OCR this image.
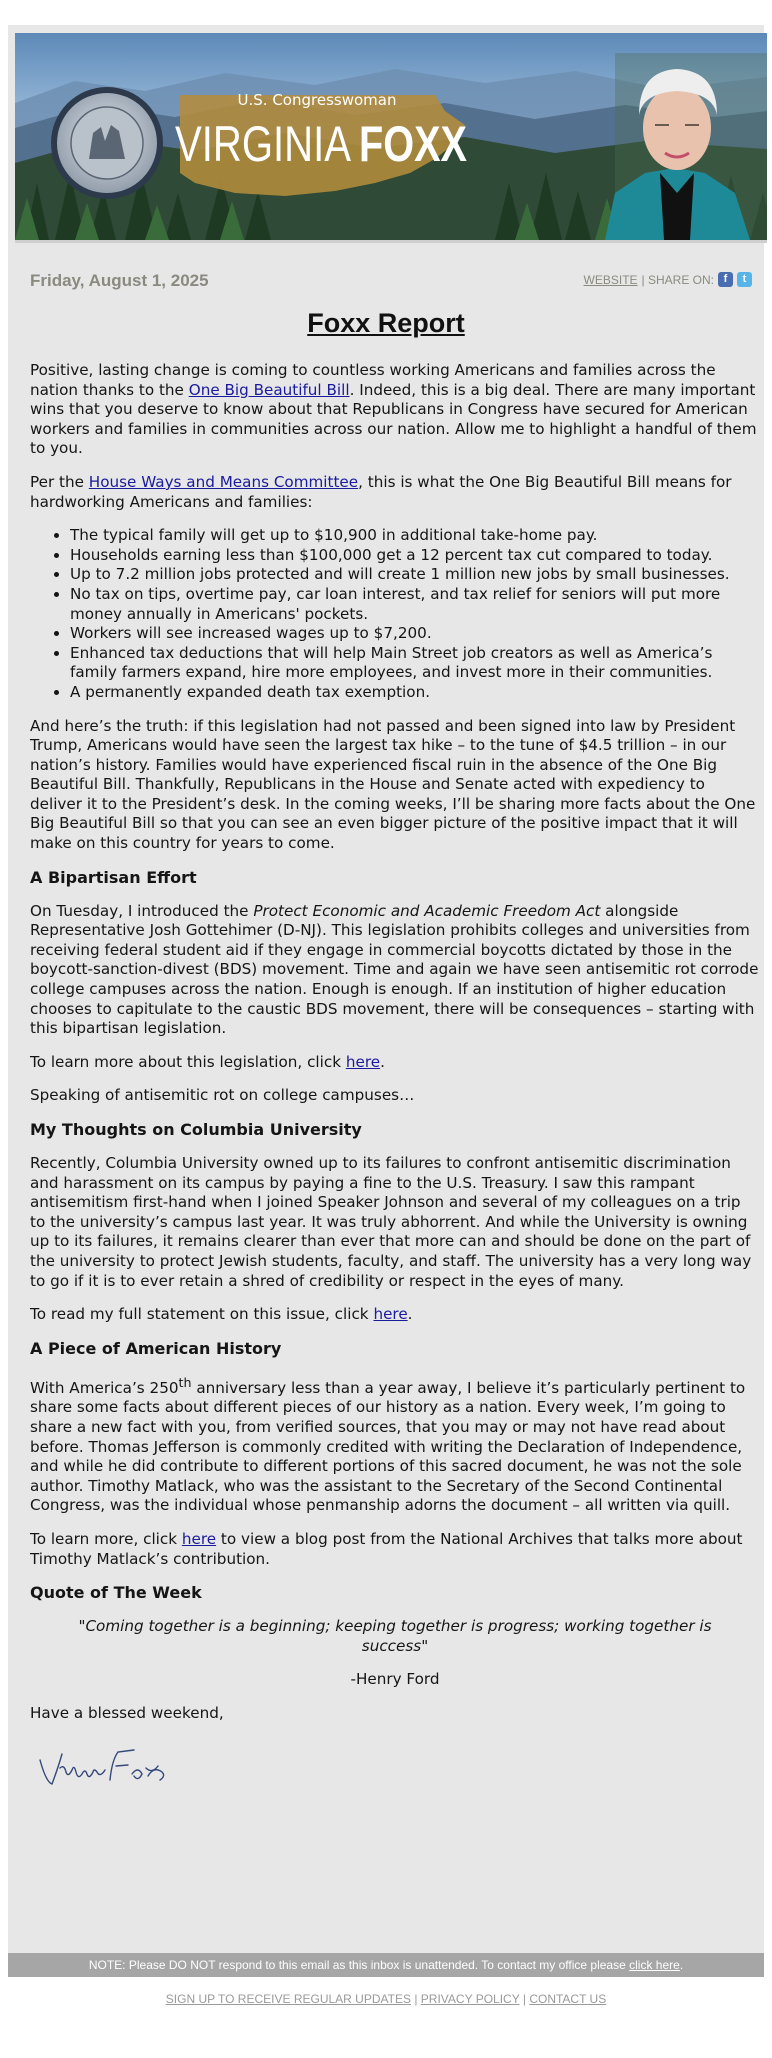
U.S. Congresswoman
VIRGINIA FOXX
Friday, August 1, 2025	WEBSITE | SHARE ON: f	t
Foxx Report

Positive, lasting change is coming to countless working Americans and families across the nation thanks to the One Big Beautiful Bill. Indeed, this is a big deal. There are many important wins that you deserve to know about that Republicans in Congress have secured for American workers and families in communities across our nation. Allow me to highlight a handful of them to you.

Per the House Ways and Means Committee, this is what the One Big Beautiful Bill means for hardworking Americans and families:

• The typical family will get up to $10,900 in additional take-home pay.
• Households earning less than $100,000 get a 12 percent tax cut compared to today.
• Up to 7.2 million jobs protected and will create 1 million new jobs by small businesses.
• No tax on tips, overtime pay, car loan interest, and tax relief for seniors will put more money annually in Americans' pockets.
• Workers will see increased wages up to $7,200.
• Enhanced tax deductions that will help Main Street job creators as well as America’s family farmers expand, hire more employees, and invest more in their communities.
• A permanently expanded death tax exemption.

And here’s the truth: if this legislation had not passed and been signed into law by President Trump, Americans would have seen the largest tax hike – to the tune of $4.5 trillion – in our nation’s history. Families would have experienced fiscal ruin in the absence of the One Big Beautiful Bill. Thankfully, Republicans in the House and Senate acted with expediency to deliver it to the President’s desk. In the coming weeks, I’ll be sharing more facts about the One Big Beautiful Bill so that you can see an even bigger picture of the positive impact that it will make on this country for years to come.

A Bipartisan Effort

On Tuesday, I introduced the Protect Economic and Academic Freedom Act alongside Representative Josh Gottehimer (D-NJ). This legislation prohibits colleges and universities from receiving federal student aid if they engage in commercial boycotts dictated by those in the boycott-sanction-divest (BDS) movement. Time and again we have seen antisemitic rot corrode college campuses across the nation. Enough is enough. If an institution of higher education chooses to capitulate to the caustic BDS movement, there will be consequences – starting with this bipartisan legislation.

To learn more about this legislation, click here.

Speaking of antisemitic rot on college campuses…

My Thoughts on Columbia University

Recently, Columbia University owned up to its failures to confront antisemitic discrimination and harassment on its campus by paying a fine to the U.S. Treasury. I saw this rampant antisemitism first-hand when I joined Speaker Johnson and several of my colleagues on a trip to the university’s campus last year. It was truly abhorrent. And while the University is owning up to its failures, it remains clearer than ever that more can and should be done on the part of the university to protect Jewish students, faculty, and staff. The university has a very long way to go if it is to ever retain a shred of credibility or respect in the eyes of many.

To read my full statement on this issue, click here.

A Piece of American History

With America’s 250th anniversary less than a year away, I believe it’s particularly pertinent to share some facts about different pieces of our history as a nation. Every week, I’m going to share a new fact with you, from verified sources, that you may or may not have read about before. Thomas Jefferson is commonly credited with writing the Declaration of Independence, and while he did contribute to different portions of this sacred document, he was not the sole author. Timothy Matlack, who was the assistant to the Secretary of the Second Continental Congress, was the individual whose penmanship adorns the document – all written via quill.

To learn more, click here to view a blog post from the National Archives that talks more about Timothy Matlack’s contribution.

Quote of The Week

"Coming together is a beginning; keeping together is progress; working together is success"

-Henry Ford

Have a blessed weekend,

NOTE: Please DO NOT respond to this email as this inbox is unattended. To contact my office please click here.
SIGN UP TO RECEIVE REGULAR UPDATES | PRIVACY POLICY | CONTACT US
